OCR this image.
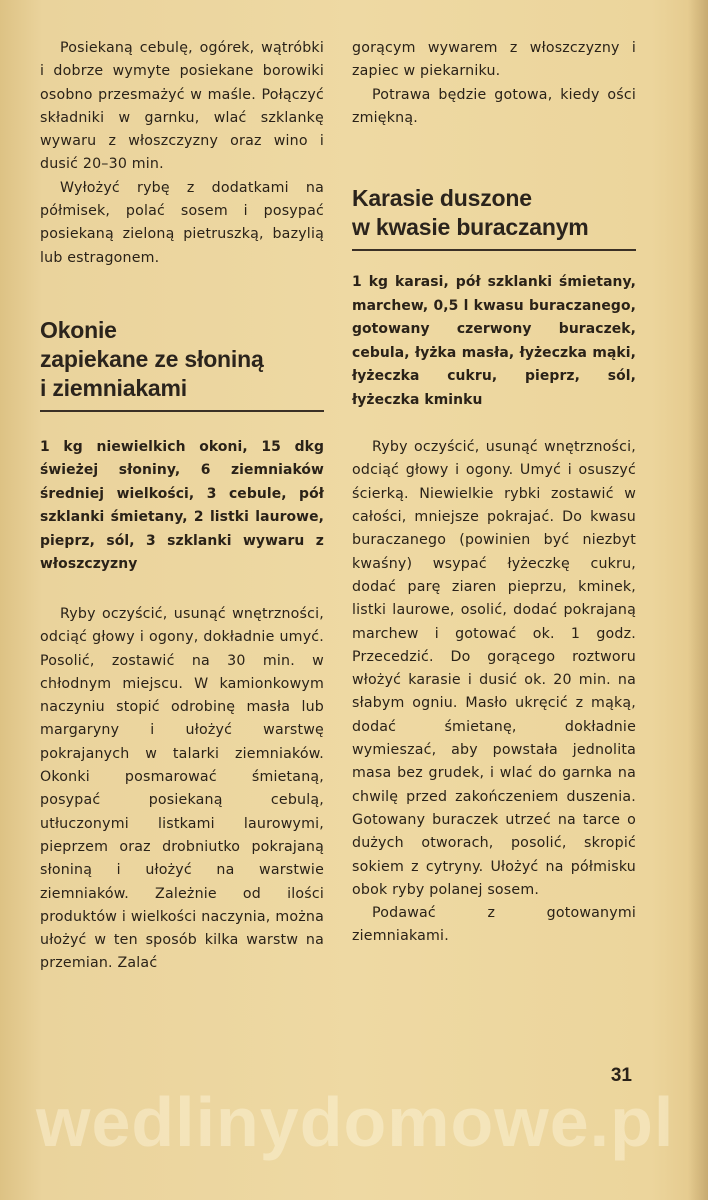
Posiekaną cebulę, ogórek, wątróbki i dobrze wymyte posiekane borowiki osobno przesmażyć w maśle. Połączyć składniki w garnku, wlać szklankę wywaru z włoszczyzny oraz wino i dusić 20–30 min.

Wyłożyć rybę z dodatkami na półmisek, polać sosem i posypać posiekaną zieloną pietruszką, bazylią lub estragonem.

Okonie
zapiekane ze słoniną
i ziemniakami

1 kg niewielkich okoni, 15 dkg świeżej słoniny, 6 ziemniaków średniej wielkości, 3 cebule, pół szklanki śmietany, 2 listki laurowe, pieprz, sól, 3 szklanki wywaru z włoszczyzny

Ryby oczyścić, usunąć wnętrzności, odciąć głowy i ogony, dokładnie umyć. Posolić, zostawić na 30 min. w chłodnym miejscu. W kamionkowym naczyniu stopić odrobinę masła lub margaryny i ułożyć warstwę pokrajanych w talarki ziemniaków. Okonki posmarować śmietaną, posypać posiekaną cebulą, utłuczonymi listkami laurowymi, pieprzem oraz drobniutko pokrajaną słoniną i ułożyć na warstwie ziemniaków. Zależnie od ilości produktów i wielkości naczynia, można ułożyć w ten sposób kilka warstw na przemian. Zalać

gorącym wywarem z włoszczyzny i zapiec w piekarniku.

Potrawa będzie gotowa, kiedy ości zmiękną.

Karasie duszone
w kwasie buraczanym

1 kg karasi, pół szklanki śmietany, marchew, 0,5 l kwasu buraczanego, gotowany czerwony buraczek, cebula, łyżka masła, łyżeczka mąki, łyżeczka cukru, pieprz, sól, łyżeczka kminku

Ryby oczyścić, usunąć wnętrzności, odciąć głowy i ogony. Umyć i osuszyć ścierką. Niewielkie rybki zostawić w całości, mniejsze pokrajać. Do kwasu buraczanego (powinien być niezbyt kwaśny) wsypać łyżeczkę cukru, dodać parę ziaren pieprzu, kminek, listki laurowe, osolić, dodać pokrajaną marchew i gotować ok. 1 godz. Przecedzić. Do gorącego roztworu włożyć karasie i dusić ok. 20 min. na słabym ogniu. Masło ukręcić z mąką, dodać śmietanę, dokładnie wymieszać, aby powstała jednolita masa bez grudek, i wlać do garnka na chwilę przed zakończeniem duszenia. Gotowany buraczek utrzeć na tarce o dużych otworach, posolić, skropić sokiem z cytryny. Ułożyć na półmisku obok ryby polanej sosem.

Podawać z gotowanymi ziemniakami.

31
wedlinydomowe.pl
